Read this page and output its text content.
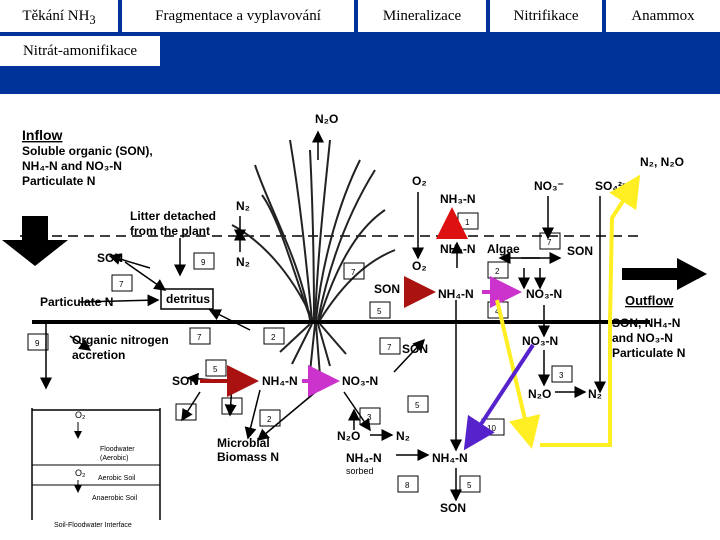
Těkání $NH_3$	Fragmentace a vyplavování	Mineralizace	Nitrifikace	Anammox
Nitrát-amonifikace
N₂O
N₂, N₂O
Inflow
Soluble organic (SON),
NH₄-N and NO₃-N
Particulate N	O₂	NO₃⁻	SO₄²⁻
NH₃-N
N₂
Litter detached
from the plant
NH₃-N Algae	SON
SON	N₂	O₂
SON	NH₄-N	NO₃-N
Particulate N	Outflow
SON, NH₄-N
and NO₃-N
Particulate N
Organic nitrogen
accretion	SON
NO₃-N
SON	NH₄-N	NO₃-N
N₂O	N₂
Microbial
Biomass N
N₂O	N₂
NH₄-N
sorbed
NH₄-N
SON
detritus
1
2
9
7
7
7
4
5
2
7
7
9
5
3
7
6
2	3
5
10
8	5
O₂
Floodwater
(Aerobic)
O₂
Aerobic Soil
Anaerobic Soil
Soil-Floodwater Interface
